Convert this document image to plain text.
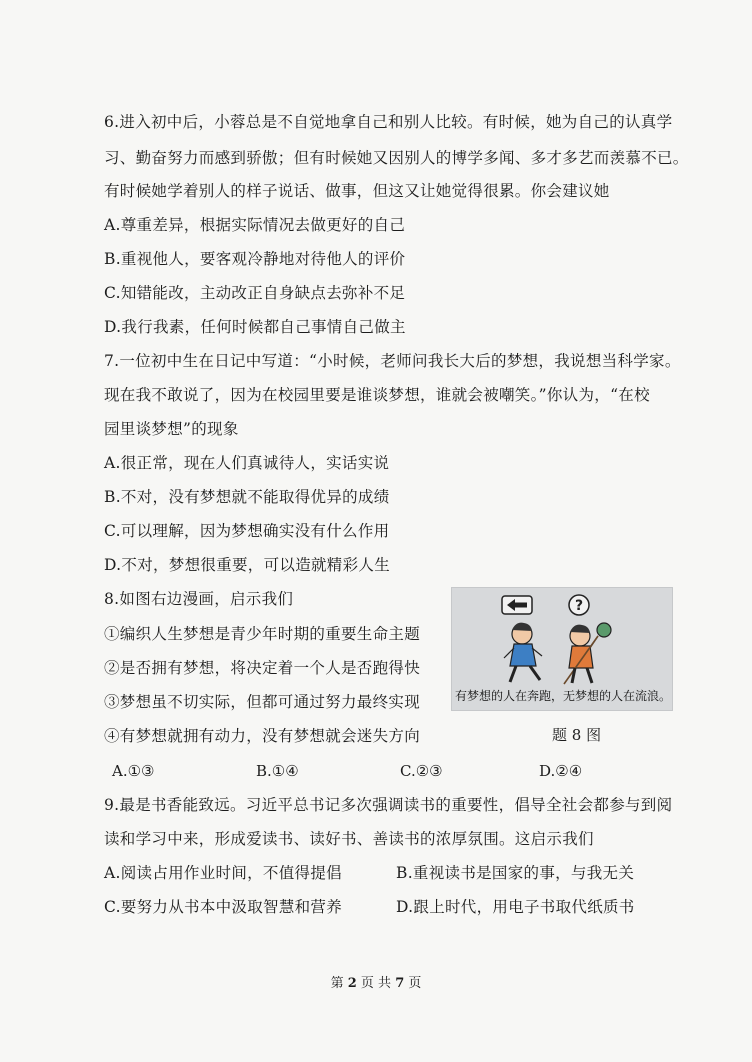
6.进入初中后，小蓉总是不自觉地拿自己和别人比较。有时候，她为自己的认真学
习、勤奋努力而感到骄傲；但有时候她又因别人的博学多闻、多才多艺而羡慕不已。
有时候她学着别人的样子说话、做事，但这又让她觉得很累。你会建议她
A.尊重差异，根据实际情况去做更好的自己
B.重视他人，要客观冷静地对待他人的评价
C.知错能改，主动改正自身缺点去弥补不足
D.我行我素，任何时候都自己事情自己做主
7.一位初中生在日记中写道：“小时候，老师问我长大后的梦想，我说想当科学家。
现在我不敢说了，因为在校园里要是谁谈梦想，谁就会被嘲笑。”你认为，“在校
园里谈梦想”的现象
A.很正常，现在人们真诚待人，实话实说
B.不对，没有梦想就不能取得优异的成绩
C.可以理解，因为梦想确实没有什么作用
D.不对，梦想很重要，可以造就精彩人生
8.如图右边漫画，启示我们
①编织人生梦想是青少年时期的重要生命主题
②是否拥有梦想，将决定着一个人是否跑得快
③梦想虽不切实际，但都可通过努力最终实现
④有梦想就拥有动力，没有梦想就会迷失方向
A.①③	B.①④	C.②③	D.②④
?
有梦想的人在奔跑，无梦想的人在流浪。
题 8 图
9.最是书香能致远。习近平总书记多次强调读书的重要性，倡导全社会都参与到阅
读和学习中来，形成爱读书、读好书、善读书的浓厚氛围。这启示我们
A.阅读占用作业时间，不值得提倡	B.重视读书是国家的事，与我无关
C.要努力从书本中汲取智慧和营养	D.跟上时代，用电子书取代纸质书
第 2 页 共 7 页
